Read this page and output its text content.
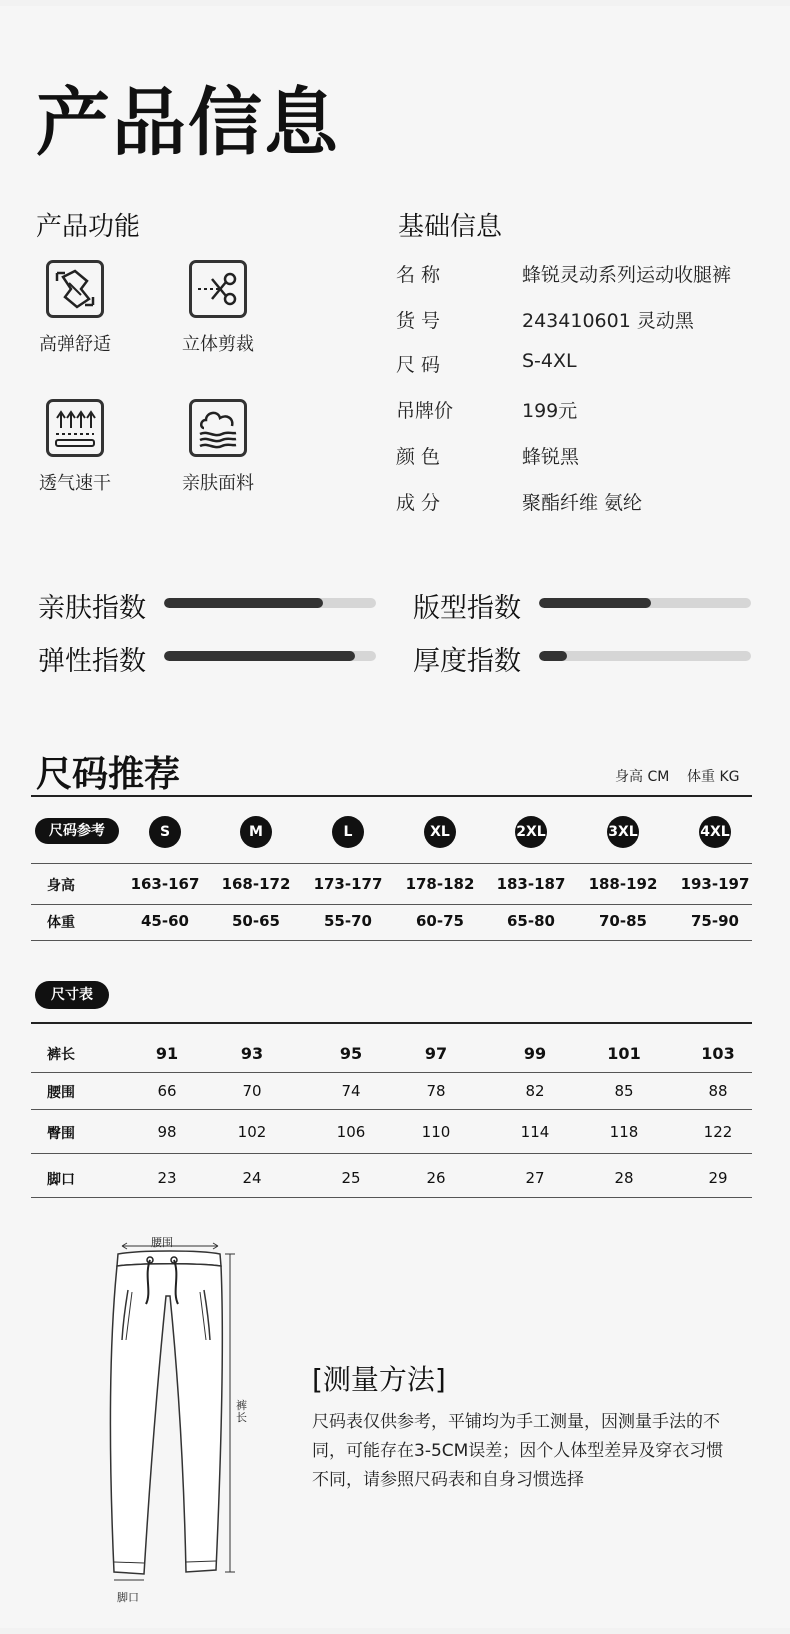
产品信息
产品功能
高弹舒适	立体剪裁
透气速干	亲肤面料
基础信息
名 称	蜂锐灵动系列运动收腿裤
货 号	243410601 灵动黑
尺 码	S-4XL
吊牌价	199元
颜 色	蜂锐黑
成 分	聚酯纤维 氨纶
亲肤指数	版型指数
弹性指数	厚度指数
尺码推荐	身高 CM 体重 KG
尺码参考	S	M	L	XL	2XL	3XL	4XL
身高	163-167	168-172	173-177	178-182	183-187	188-192	193-197
体重	45-60	50-65	55-70	60-75	65-80	70-85	75-90
尺寸表
裤长	91	93	95	97	99	101	103
腰围	66	70	74	78	82	85	88
臀围	98	102	106	110	114	118	122
脚口	23	24	25	26	27	28	29
腰围
裤长
脚口
[测量方法]
尺码表仅供参考，平铺均为手工测量，因测量手法的不同，可能存在3-5CM误差；因个人体型差异及穿衣习惯不同，请参照尺码表和自身习惯选择
